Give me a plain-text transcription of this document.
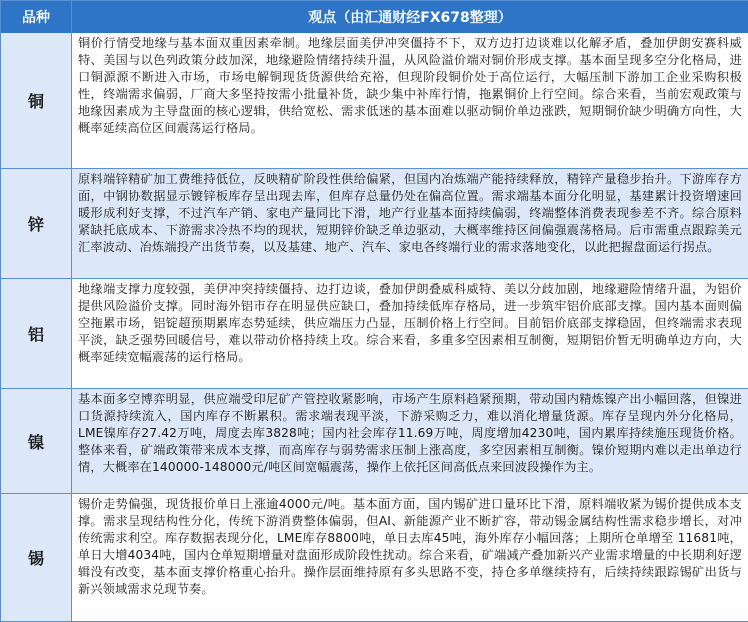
品种	观点（由汇通财经FX678整理）
铜
铜价行情受地缘与基本面双重因素牵制。地缘层面美伊冲突僵持不下，双方边打边谈难以化解矛盾，叠加伊朗安赛科威特、美国与以色列政策分歧加深，地缘避险情绪持续升温，从风险溢价端对铜价形成支撑。基本面呈现多空分化格局，进口铜源源不断进入市场，市场电解铜现货货源供给充裕，但现阶段铜价处于高位运行，大幅压制下游加工企业采购积极性，终端需求偏弱，厂商大多坚持按需小批量补货，缺少集中补库行情，拖累铜价上行空间。综合来看，当前宏观政策与地缘因素成为主导盘面的核心逻辑，供给宽松、需求低迷的基本面难以驱动铜价单边涨跌，短期铜价缺少明确方向性，大概率延续高位区间震荡运行格局。
锌
原料端锌精矿加工费维持低位，反映精矿阶段性供给偏紧，但国内冶炼端产能持续释放，精锌产量稳步抬升。下游库存方面，中钢协数据显示镀锌板库存呈出现去库，但库存总量仍处在偏高位置。需求端基本面分化明显，基建累计投资增速回暖形成利好支撑，不过汽车产销、家电产量同比下滑，地产行业基本面持续偏弱，终端整体消费表现参差不齐。综合原料紧缺托底成本、下游需求冷热不均的现状，短期锌价缺乏单边驱动，大概率维持区间偏强震荡格局。后市需重点跟踪美元汇率波动、冶炼端投产出货节奏，以及基建、地产、汽车、家电各终端行业的需求落地变化，以此把握盘面运行拐点。
铝
地缘端支撑力度较强，美伊冲突持续僵持、边打边谈，叠加伊朗叠威科威特、美以分歧加剧，地缘避险情绪升温，为铝价提供风险溢价支撑。同时海外铝市存在明显供应缺口，叠加持续低库存格局，进一步筑牢铝价底部支撑。国内基本面则偏空拖累市场，铝锭超预期累库态势延续，供应端压力凸显，压制价格上行空间。目前铝价底部支撑稳固，但终端需求表现平淡，缺乏强势回暖信号，难以带动价格持续上攻。综合来看，多重多空因素相互制衡，短期铝价暂无明确单边方向，大概率延续宽幅震荡的运行格局。
镍
基本面多空博弈明显，供应端受印尼矿产管控收紧影响，市场产生原料趋紧预期，带动国内精炼镍产出小幅回落，但镍进口货源持续流入，国内库存不断累积。需求端表现平淡，下游采购乏力，难以消化增量货源。库存呈现内外分化格局，LME镍库存27.42万吨，周度去库3828吨；国内社会库存11.69万吨，周度增加4230吨，国内累库持续施压现货价格。整体来看，矿端政策带来成本支撑，而高库存与弱势需求压制上涨高度，多空因素相互制衡。镍价短期内难以走出单边行情，大概率在140000-148000元/吨区间宽幅震荡，操作上依托区间高低点来回波段操作为主。
锡
锡价走势偏强，现货报价单日上涨逾4000元/吨。基本面方面，国内锡矿进口量环比下滑，原料端收紧为锡价提供成本支撑。需求呈现结构性分化，传统下游消费整体偏弱，但AI、新能源产业不断扩容，带动锡金属结构性需求稳步增长，对冲传统需求利空。库存数据表现分化，LME库存8800吨，单日去库45吨，海外库存小幅回落；上期所仓单增至 11681吨，单日大增4034吨，国内仓单短期增量对盘面形成阶段性扰动。综合来看，矿端减产叠加新兴产业需求增量的中长期利好逻辑没有改变，基本面支撑价格重心抬升。操作层面维持原有多头思路不变，持仓多单继续持有，后续持续跟踪锡矿出货与新兴领域需求兑现节奏。
